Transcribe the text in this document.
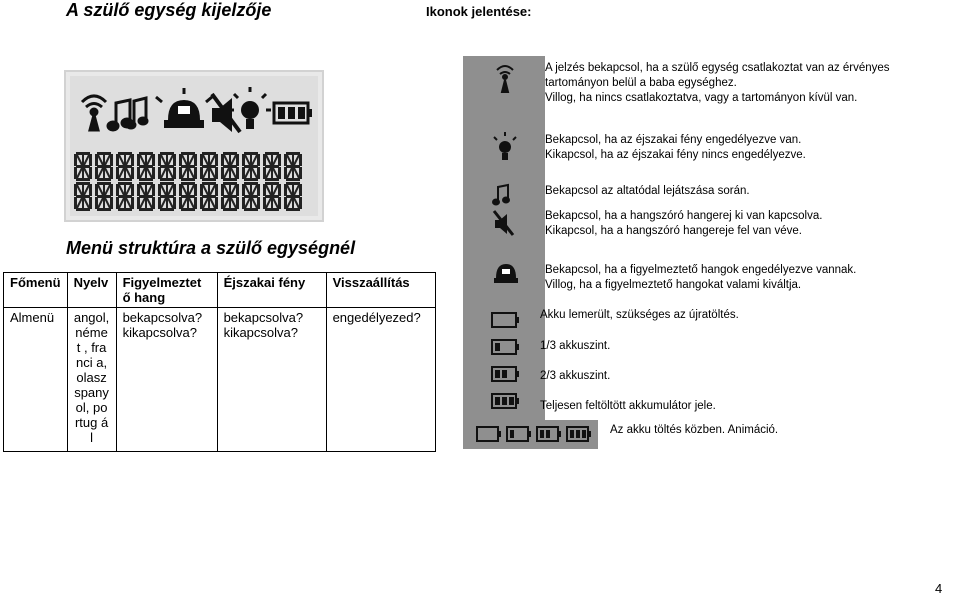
A szülő egység kijelzője	Ikonok jelentése:
Menü struktúra a szülő egységnél
Főmenü	Nyelv	Figyelmeztet ő hang	Éjszakai fény	Visszaállítás
Almenü	angol, német , franci a, olasz spany ol, portug ál	bekapcsolva? kikapcsolva?	bekapcsolva? kikapcsolva?	engedélyezed?
A jelzés bekapcsol, ha a szülő egység csatlakoztat van az érvényes
tartományon belül a baba egységhez.
Villog, ha nincs csatlakoztatva, vagy a tartományon kívül van.
Bekapcsol, ha az éjszakai fény engedélyezve van.
Kikapcsol, ha az éjszakai fény nincs engedélyezve.
Bekapcsol az altatódal lejátszása során.
Bekapcsol, ha a hangszóró hangerej ki van kapcsolva.
Kikapcsol, ha a hangszóró hangereje fel van véve.
Bekapcsol, ha a figyelmeztető hangok engedélyezve vannak.
Villog, ha a figyelmeztető hangokat valami kiváltja.
Akku lemerült, szükséges az újratöltés.
1/3 akkuszint.
2/3 akkuszint.
Teljesen feltöltött akkumulátor jele.
Az akku töltés közben. Animáció.
4
